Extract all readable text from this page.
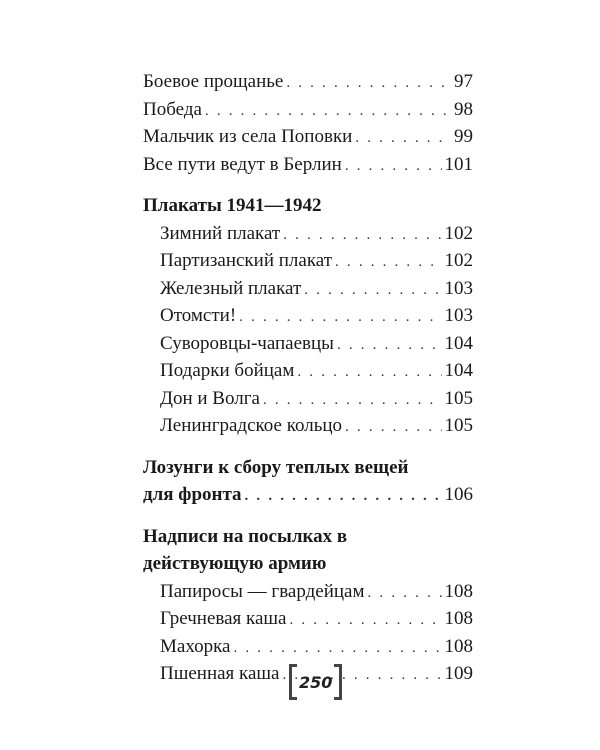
Боевое прощанье . . .	97
Победа . . .	98
Мальчик из села Поповки . . .	99
Все пути ведут в Берлин . . .	101
Плакаты 1941—1942
Зимний плакат . . .	102
Партизанский плакат . . .	102
Железный плакат . . .	103
Отомсти! . . .	103
Суворовцы-чапаевцы . . .	104
Подарки бойцам . . .	104
Дон и Волга . . .	105
Ленинградское кольцо . . .	105
Лозунги к сбору теплых вещей
для фронта . . .	106
Надписи на посылках в
действующую армию
Папиросы — гвардейцам . . .	108
Гречневая каша . . .	108
Махорка . . .	108
Пшенная каша . . .	109
250
